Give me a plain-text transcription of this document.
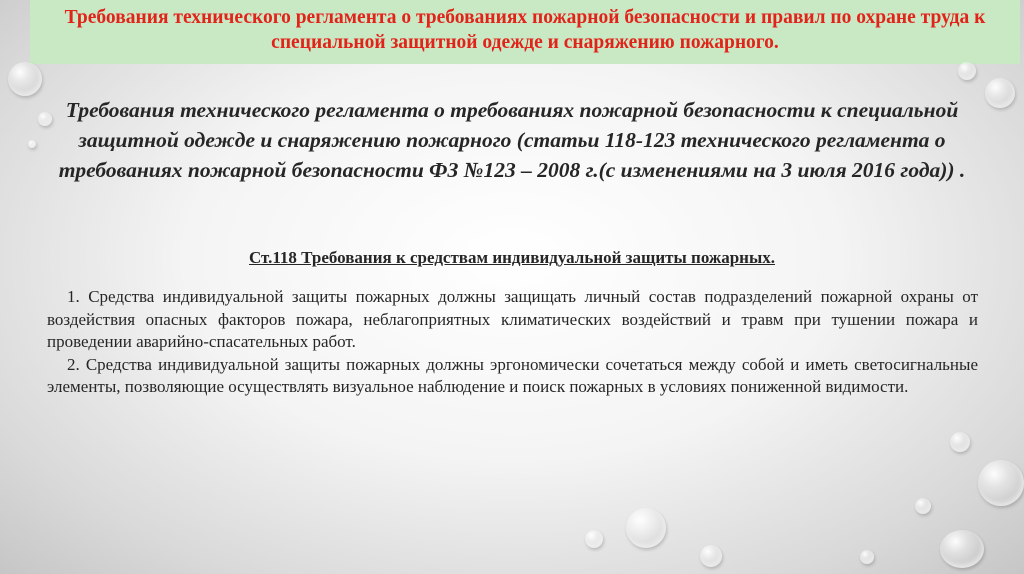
Требования технического регламента о требованиях пожарной безопасности и правил по охране труда к специальной защитной одежде и снаряжению пожарного.

Требования технического регламента о требованиях пожарной безопасности к специальной защитной одежде и снаряжению пожарного (статьи 118-123 технического регламента о требованиях пожарной безопасности ФЗ №123 – 2008 г.(с изменениями на 3 июля 2016 года)) .

Ст.118 Требования к средствам индивидуальной защиты пожарных.

1. Средства индивидуальной защиты пожарных должны защищать личный состав подразделений пожарной охраны от воздействия опасных факторов пожара, неблагоприятных климатических воздействий и травм при тушении пожара и проведении аварийно-спасательных работ.

2. Средства индивидуальной защиты пожарных должны эргономически сочетаться между собой и иметь светосигнальные элементы, позволяющие осуществлять визуальное наблюдение и поиск пожарных в условиях пониженной видимости.
